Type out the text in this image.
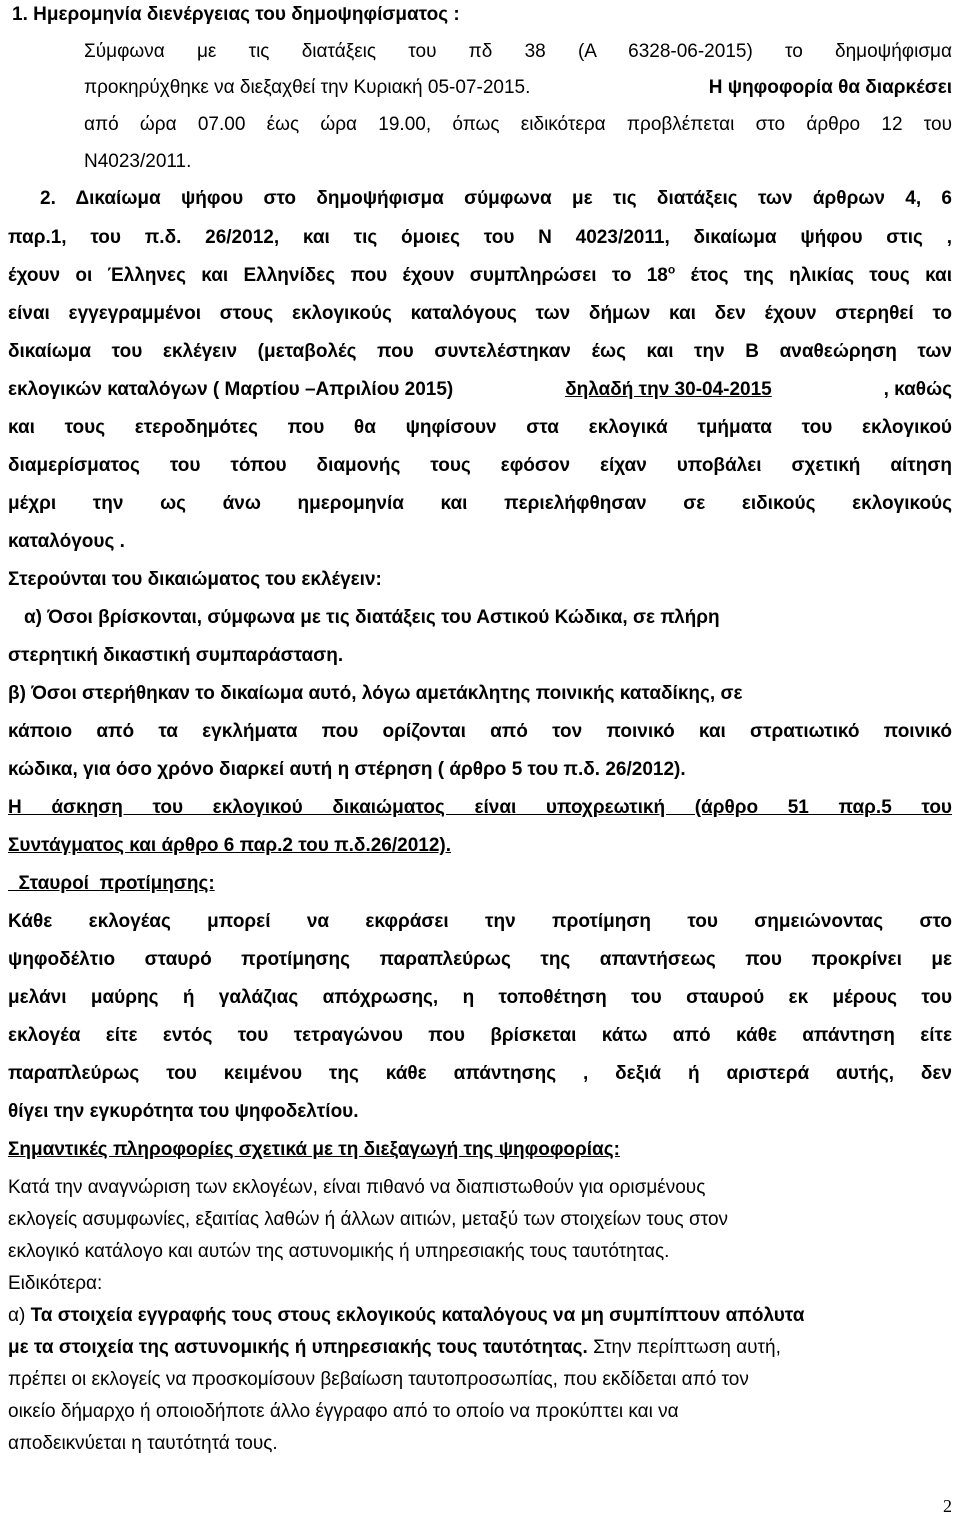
1. Ημερομηνία διενέργειας του δημοψηφίσματος :
Σύμφωνα με τις διατάξεις του πδ 38 (Α 6328-06-2015) το δημοψήφισμα
προκηρύχθηκε να διεξαχθεί την Κυριακή 05-07-2015.	Η ψηφοφορία θα διαρκέσει
από ώρα 07.00 έως ώρα 19.00, όπως ειδικότερα προβλέπεται στο άρθρο 12 του
Ν4023/2011.
2. Δικαίωμα ψήφου στο δημοψήφισμα σύμφωνα με τις διατάξεις των άρθρων 4, 6
παρ.1, του π.δ. 26/2012, και τις όμοιες του Ν 4023/2011, δικαίωμα ψήφου στις ,
έχουν οι Έλληνες και Ελληνίδες που έχουν συμπληρώσει το $18^o$ έτος της ηλικίας τους και
είναι εγγεγραμμένοι στους εκλογικούς καταλόγους των δήμων και δεν έχουν στερηθεί το
δικαίωμα του εκλέγειν (μεταβολές που συντελέστηκαν έως και την Β αναθεώρηση των
εκλογικών καταλόγων ( Μαρτίου –Απριλίου 2015)	δηλαδή την 30-04-2015	, καθώς
και τους ετεροδημότες που θα ψηφίσουν στα εκλογικά τμήματα του εκλογικού
διαμερίσματος του τόπου διαμονής τους εφόσον είχαν υποβάλει σχετική αίτηση
μέχρι την ως άνω ημερομηνία και περιελήφθησαν σε ειδικούς εκλογικούς
καταλόγους .
Στερούνται του δικαιώματος του εκλέγειν:
α) Όσοι βρίσκονται, σύμφωνα με τις διατάξεις του Αστικού Κώδικα, σε πλήρη
στερητική δικαστική συμπαράσταση.
β) Όσοι στερήθηκαν το δικαίωμα αυτό, λόγω αμετάκλητης ποινικής καταδίκης, σε
κάποιο από τα εγκλήματα που ορίζονται από τον ποινικό και στρατιωτικό ποινικό
κώδικα, για όσο χρόνο διαρκεί αυτή η στέρηση ( άρθρο 5 του π.δ. 26/2012).
Η άσκηση του εκλογικού δικαιώματος είναι υποχρεωτική (άρθρο 51 παρ.5 του
Συντάγματος και άρθρο 6 παρ.2 του π.δ.26/2012).
Σταυροί  προτίμησης:
Κάθε εκλογέας μπορεί να εκφράσει την προτίμηση του σημειώνοντας στο
ψηφοδέλτιο σταυρό προτίμησης παραπλεύρως της απαντήσεως που προκρίνει με
μελάνι μαύρης ή γαλάζιας απόχρωσης, η τοποθέτηση του σταυρού εκ μέρους του
εκλογέα είτε εντός του τετραγώνου που βρίσκεται κάτω από κάθε απάντηση είτε
παραπλεύρως του κειμένου της κάθε απάντησης , δεξιά ή αριστερά αυτής, δεν
θίγει την εγκυρότητα του ψηφοδελτίου.
Σημαντικές πληροφορίες σχετικά με τη διεξαγωγή της ψηφοφορίας:
Κατά την αναγνώριση των εκλογέων, είναι πιθανό να διαπιστωθούν για ορισμένους
εκλογείς ασυμφωνίες, εξαιτίας λαθών ή άλλων αιτιών, μεταξύ των στοιχείων τους στον
εκλογικό κατάλογο και αυτών της αστυνομικής ή υπηρεσιακής τους ταυτότητας.
Ειδικότερα:
α) Τα στοιχεία εγγραφής τους στους εκλογικούς καταλόγους να μη συμπίπτουν απόλυτα
με τα στοιχεία της αστυνομικής ή υπηρεσιακής τους ταυτότητας. Στην περίπτωση αυτή,
πρέπει οι εκλογείς να προσκομίσουν βεβαίωση ταυτοπροσωπίας, που εκδίδεται από τον
οικείο δήμαρχο ή οποιοδήποτε άλλο έγγραφο από το οποίο να προκύπτει και να
αποδεικνύεται η ταυτότητά τους.
2
